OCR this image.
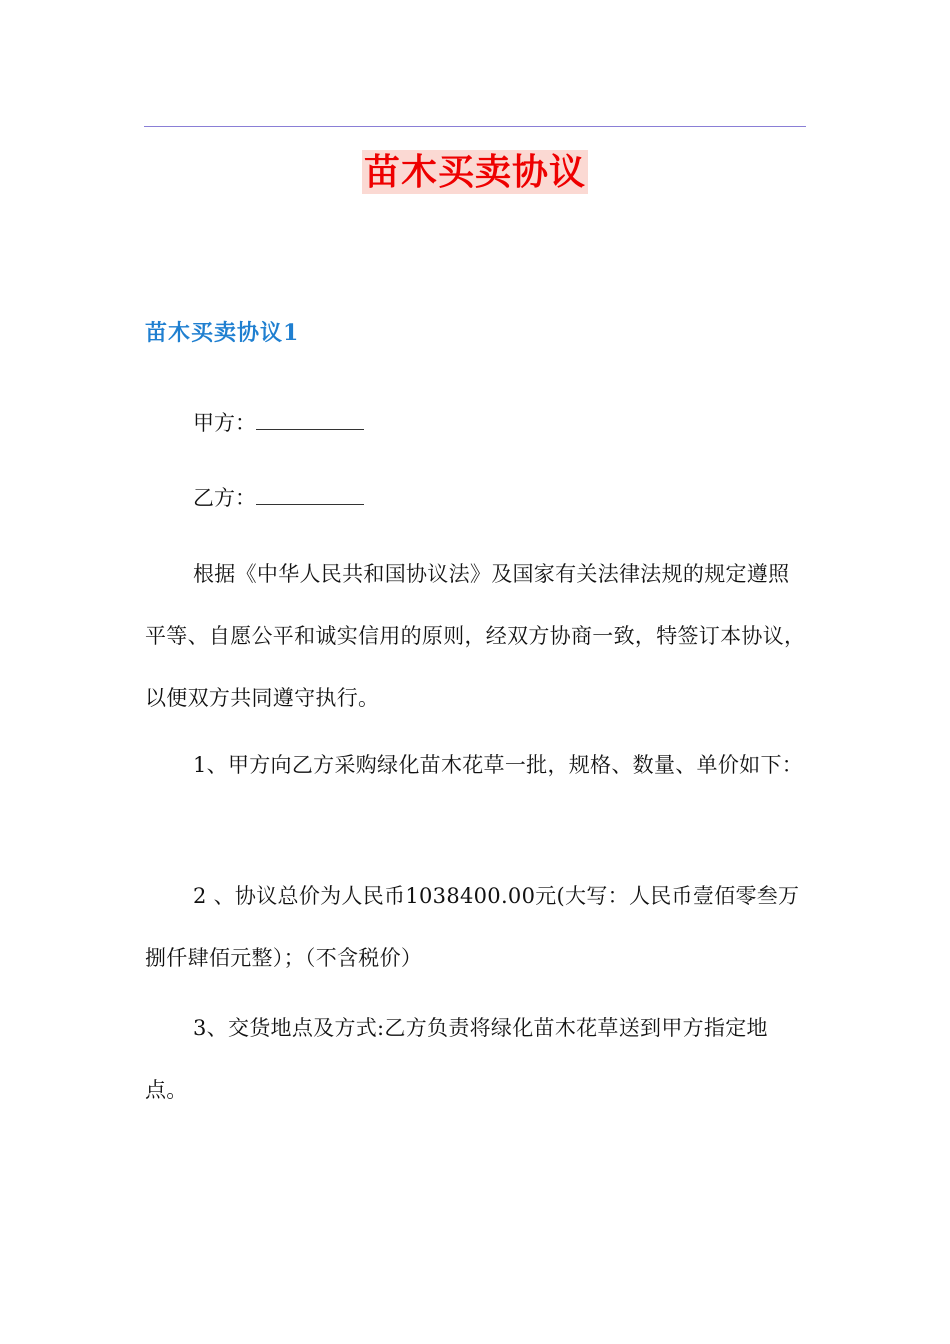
苗木买卖协议
苗木买卖协议1
甲方：
乙方：
根据《中华人民共和国协议法》及国家有关法律法规的规定遵照平等、自愿公平和诚实信用的原则，经双方协商一致，特签订本协议，以便双方共同遵守执行。
1、甲方向乙方采购绿化苗木花草一批，规格、数量、单价如下：
2 、协议总价为人民币1038400.00元(大写：人民币壹佰零叁万捌仟肆佰元整）；（不含税价）
3、交货地点及方式:乙方负责将绿化苗木花草送到甲方指定地点。
